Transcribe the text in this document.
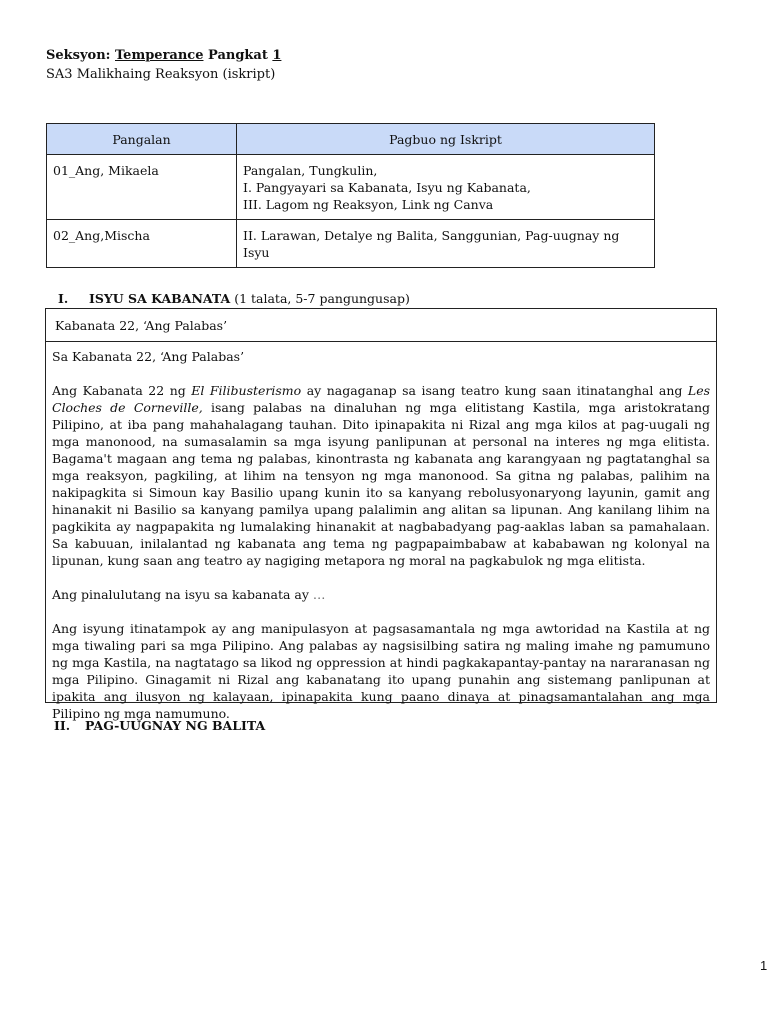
Seksyon: Temperance Pangkat 1
SA3 Malikhaing Reaksyon (iskript)
Pangalan	Pagbuo ng Iskript
01_Ang, Mikaela	Pangalan, Tungkulin,
I. Pangyayari sa Kabanata, Isyu ng Kabanata,
III. Lagom ng Reaksyon, Link ng Canva

02_Ang,Mischa	II. Larawan, Detalye ng Balita, Sanggunian, Pag-uugnay ng Isyu
I. ISYU SA KABANATA (1 talata, 5-7 pangungusap)
Kabanata 22, ‘Ang Palabas’

Sa Kabanata 22, ‘Ang Palabas’

Ang Kabanata 22 ng El Filibusterismo ay nagaganap sa isang teatro kung saan itinatanghal ang Les Cloches de Corneville, isang palabas na dinaluhan ng mga elitistang Kastila, mga aristokratang Pilipino, at iba pang mahahalagang tauhan. Dito ipinapakita ni Rizal ang mga kilos at pag-uugali ng mga manonood, na sumasalamin sa mga isyung panlipunan at personal na interes ng mga elitista. Bagama't magaan ang tema ng palabas, kinontrasta ng kabanata ang karangyaan ng pagtatanghal sa mga reaksyon, pagkiling, at lihim na tensyon ng mga manonood. Sa gitna ng palabas, palihim na nakipagkita si Simoun kay Basilio upang kunin ito sa kanyang rebolusyonaryong layunin, gamit ang hinanakit ni Basilio sa kanyang pamilya upang palalimin ang alitan sa lipunan. Ang kanilang lihim na pagkikita ay nagpapakita ng lumalaking hinanakit at nagbabadyang pag-aaklas laban sa pamahalaan. Sa kabuuan, inilalantad ng kabanata ang tema ng pagpapaimbabaw at kababawan ng kolonyal na lipunan, kung saan ang teatro ay nagiging metapora ng moral na pagkabulok ng mga elitista.

Ang pinalulutang na isyu sa kabanata ay …

Ang isyung itinatampok ay ang manipulasyon at pagsasamantala ng mga awtoridad na Kastila at ng mga tiwaling pari sa mga Pilipino. Ang palabas ay nagsisilbing satira ng maling imahe ng pamumuno ng mga Kastila, na nagtatago sa likod ng oppression at hindi pagkakapantay-pantay na nararanasan ng mga Pilipino. Ginagamit ni Rizal ang kabanatang ito upang punahin ang sistemang panlipunan at ipakita ang ilusyon ng kalayaan, ipinapakita kung paano dinaya at pinagsamantalahan ang mga Pilipino ng mga namumuno.

II. PAG-UUGNAY NG BALITA
1
